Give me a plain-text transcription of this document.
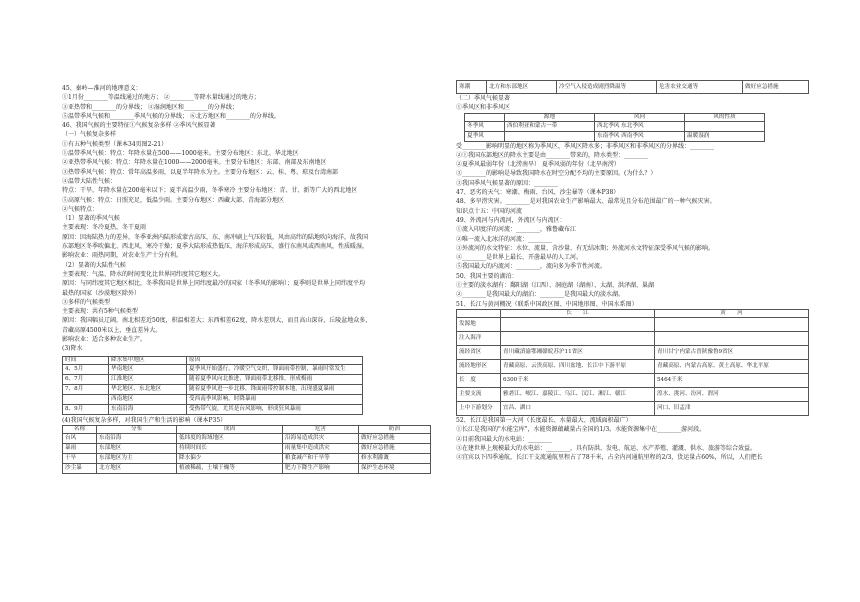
45、秦岭—淮河的地理意义：
①1月份________等温线通过的地方； ②________等降水量线通过的地方；
③亚热带和________的分界线； ④湿润地区和________的分界线；
⑤温带季风气候和________季风气候的分界线； ⑥北方地区和________的分界线。
46、我国气候的主要特征①气候复杂多样 ②季风气候显著
（一）气候复杂多样
①有五种气候类型（课本34页图2-21）
①温带季风气候：特点：年降水量在500——1000毫米。主要分布地区：东北、华北地区
②亚热带季风气候：特点：年降水量在1000——2000毫米。主要分布地区：东部、南部及东南地区
③热带季风气候：特点：常年高温多雨，以夏半年降水为主。主要分布地区：云、桂、粤、琼及台湾南部
④温带大陆性气候：
特点：干旱，年降水量在200毫米以下；夏半高温少雨，冬季寒冷 主要分布地区：青、甘、新等广大的西北地区
⑤高原气候：特点：日照充足，低温少雨。主要分布地区：西藏大部、青海部分地区
②气候特点：
（1）显著的季风气候
主要表现：冬冷夏热，冬干夏雨
原因：因海陆热力的差异，冬季亚洲内陆形成蒙古高压，东、南冲刷上气压较低，风由高纬的陆地吹向海洋，故我国
东部地区冬季吹偏北、西北风，寒冷干燥；夏季大陆形成热低压，海洋形成高压，盛行东南风或西南风，性质暖湿，
影响农业：雨热同期，对农业生产十分有利。
（2）显著的大陆性气候
主要表现：气温、降水的时间变化比世界同纬度其它地区大。
原因：与同纬度其它地区相比，冬季我国是世界上同纬度最冷的国家（冬季风的影响）；夏季则是世界上同纬度平均
最热的国家（沙漠地区除外）
③多样的气候类型
主要表现：共有5种气候类型
原因：我国幅员辽阔，南北相差近50度，积温相差大；东西相差62度，降水差别大，而且高山深谷，丘陵盆地众多，
青藏高原4500米以上，垂直差异大。
影响农业：适合多种农业生产。
(3)降水
时间	降水集中地区	原因
4、5月	华南地区	夏季风开始盛行，冷暖空气交织，锋面雨带控制，暴雨时常发生
6、7月	江淮地区	随着夏季风向北推进，锋面雨带北移推，形成梅雨
7、8月	华北地区、东北地区	随着夏季风进一步北移，锋面雨带控制本地，出现盛夏暴雨
	西南地区	受西南季风影响，时降暴雨
8、9月	东南沿海	受热带气旋，尤其是台风影响，形成狂风暴雨
(4)我国气候复杂多样，对我国生产和生活的影响（课本P35）
名称	分布	成因	危害	防治
台风	东南沿海	低纬度的海域地区	沿海易造成洪灾	做好应急措施
暴雨	东部地区	持续时间长	雨量集中造成洪灾	做好应急措施
干旱	东部地区为主	降水偏少	粮食减产和干旱等	修水利灌溉
沙尘暴	北方地区	植被稀疏，土壤干燥等	肥力下降生产影响	保护生态环境
寒潮	北方和东部地区	冷空气入侵造成剧烈降温等	危害农业交通等	做好应急措施
（二）季风气候显著
①季风区和非季风区
	源地	风向	风的性质
冬季风	西伯利亚和蒙古一带	西北季风 东北季风	
夏季风		东南季风 西南季风	温暖湿润
受________影响明显的地区称为季风区，季风区降水多；非季风区和非季风区的分界线：________
②①我国东部地区的降水主要是由________带来的，降水类型：________
②夏季风最弱年份（北涝南旱） 夏季风弱的年份（北旱南涝）
③________的影响是导致我国降水在时空分配不均的主要原因。(为什么？）
③我国季风气候显著的原因：________
47、恶劣的天气：寒潮、梅雨、台风、沙尘暴等（课本P38）
48、多旱涝灾害。________是对我国农业生产影响最大、最常见且分布范围最广的一种气候灾害。
知识点十五：中国的河流
49、外流河与内流河，外流区与内流区：
①流入印度洋的河流：________，雅鲁藏布江
②唯一流入北冰洋的河流：________
③外流河的水文特征：水位、流量、含沙量、有无结冰期；外流河水文特征深受季风气候的影响。
④________是世界上最长、开凿最早的人工河。
⑤我国最大的内流河：________，流向多为季节性河流。
50、我国主要的湖泊：
①主要的淡水湖有：鄱阳湖（江西）、洞庭湖（湖南）、太湖、洪泽湖、巢湖
②________是我国最大的湖泊：________是我国最大的淡水湖。
51、长江与黄河概况（联系中国政区图、中国地形图、中国水系图）
	长　　江	黄　　河
发源地		
注入海洋		
流经省区	青川藏滇渝鄂湘赣皖苏沪11省区	青川甘宁内蒙古晋陕豫鲁9省区
流经地形区	青藏高原、云贵高原、四川盆地、长江中下游平原	青藏高原、内蒙古高原、黄土高原、华北平原
长　度	6300千米	5464千米
主要支流	雅砻江、岷江、嘉陵江、乌江、汉江、湘江、赣江	湟水、洮河、汾河、渭河
上中下游划分	宜昌、湖口	河口、旧孟津
52、长江是我国第一大河（长度最长、水量最大、流域面积最广）
①长江是我国的"水能宝库"，水能资源蕴藏量占全国的1/3。水能资源集中在________游河段。
②目前我国最大的水电站：________
③在建世界上规模最大的水电站：________，具有防洪、发电、航运、水产养殖、灌溉、供水、旅游等综合效益。
④宜宾以下四季通航，长江干支流通航里程占了78千米，占全内河通航里程的2/3，货运量占60%，所以，人们把长
